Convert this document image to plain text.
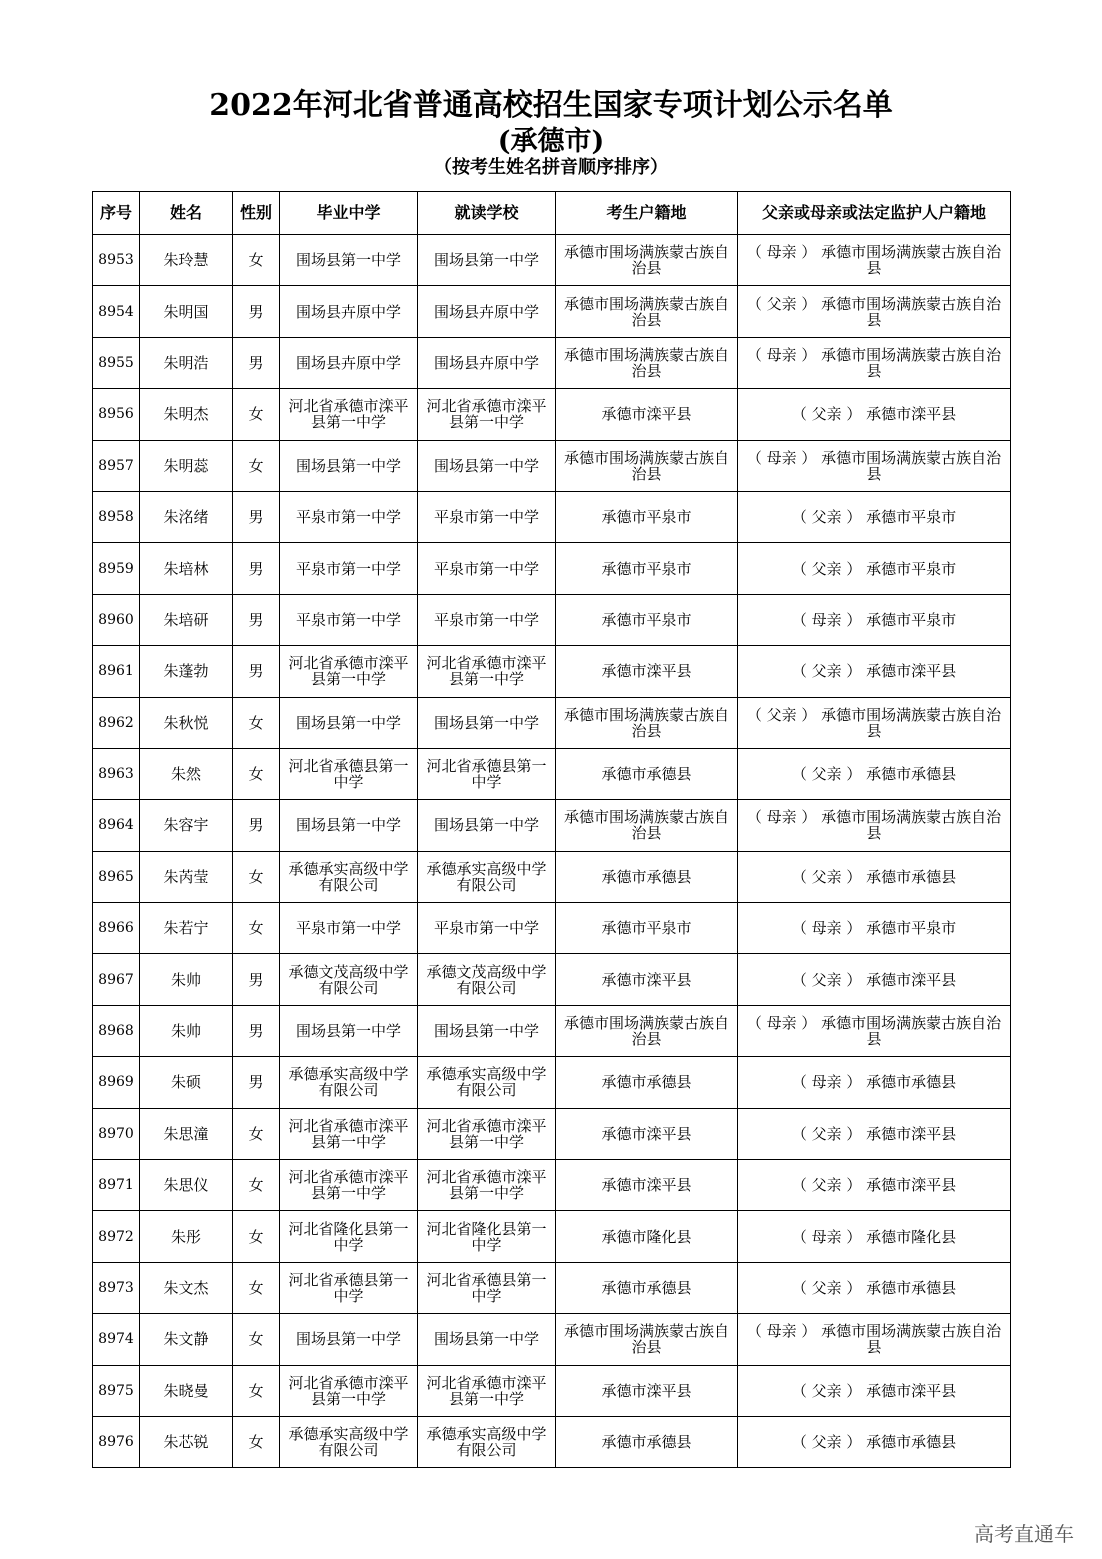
2022年河北省普通高校招生国家专项计划公示名单
(承德市)
（按考生姓名拼音顺序排序）
序号	姓名	性别	毕业中学	就读学校	考生户籍地	父亲或母亲或法定监护人户籍地
8953	朱玲慧	女	围场县第一中学	围场县第一中学	承德市围场满族蒙古族自治县	（ 母亲 ） 承德市围场满族蒙古族自治县
8954	朱明国	男	围场县卉原中学	围场县卉原中学	承德市围场满族蒙古族自治县	（ 父亲 ） 承德市围场满族蒙古族自治县
8955	朱明浩	男	围场县卉原中学	围场县卉原中学	承德市围场满族蒙古族自治县	（ 母亲 ） 承德市围场满族蒙古族自治县
8956	朱明杰	女	河北省承德市滦平县第一中学	河北省承德市滦平县第一中学	承德市滦平县	（ 父亲 ） 承德市滦平县
8957	朱明蕊	女	围场县第一中学	围场县第一中学	承德市围场满族蒙古族自治县	（ 母亲 ） 承德市围场满族蒙古族自治县
8958	朱洺绪	男	平泉市第一中学	平泉市第一中学	承德市平泉市	（ 父亲 ） 承德市平泉市
8959	朱培林	男	平泉市第一中学	平泉市第一中学	承德市平泉市	（ 父亲 ） 承德市平泉市
8960	朱培研	男	平泉市第一中学	平泉市第一中学	承德市平泉市	（ 母亲 ） 承德市平泉市
8961	朱蓬勃	男	河北省承德市滦平县第一中学	河北省承德市滦平县第一中学	承德市滦平县	（ 父亲 ） 承德市滦平县
8962	朱秋悦	女	围场县第一中学	围场县第一中学	承德市围场满族蒙古族自治县	（ 父亲 ） 承德市围场满族蒙古族自治县
8963	朱然	女	河北省承德县第一中学	河北省承德县第一中学	承德市承德县	（ 父亲 ） 承德市承德县
8964	朱容宇	男	围场县第一中学	围场县第一中学	承德市围场满族蒙古族自治县	（ 母亲 ） 承德市围场满族蒙古族自治县
8965	朱芮莹	女	承德承实高级中学有限公司	承德承实高级中学有限公司	承德市承德县	（ 父亲 ） 承德市承德县
8966	朱若宁	女	平泉市第一中学	平泉市第一中学	承德市平泉市	（ 母亲 ） 承德市平泉市
8967	朱帅	男	承德文茂高级中学有限公司	承德文茂高级中学有限公司	承德市滦平县	（ 父亲 ） 承德市滦平县
8968	朱帅	男	围场县第一中学	围场县第一中学	承德市围场满族蒙古族自治县	（ 母亲 ） 承德市围场满族蒙古族自治县
8969	朱硕	男	承德承实高级中学有限公司	承德承实高级中学有限公司	承德市承德县	（ 母亲 ） 承德市承德县
8970	朱思潼	女	河北省承德市滦平县第一中学	河北省承德市滦平县第一中学	承德市滦平县	（ 父亲 ） 承德市滦平县
8971	朱思仪	女	河北省承德市滦平县第一中学	河北省承德市滦平县第一中学	承德市滦平县	（ 父亲 ） 承德市滦平县
8972	朱彤	女	河北省隆化县第一中学	河北省隆化县第一中学	承德市隆化县	（ 母亲 ） 承德市隆化县
8973	朱文杰	女	河北省承德县第一中学	河北省承德县第一中学	承德市承德县	（ 父亲 ） 承德市承德县
8974	朱文静	女	围场县第一中学	围场县第一中学	承德市围场满族蒙古族自治县	（ 母亲 ） 承德市围场满族蒙古族自治县
8975	朱晓曼	女	河北省承德市滦平县第一中学	河北省承德市滦平县第一中学	承德市滦平县	（ 父亲 ） 承德市滦平县
8976	朱芯锐	女	承德承实高级中学有限公司	承德承实高级中学有限公司	承德市承德县	（ 父亲 ） 承德市承德县
高考直通车
